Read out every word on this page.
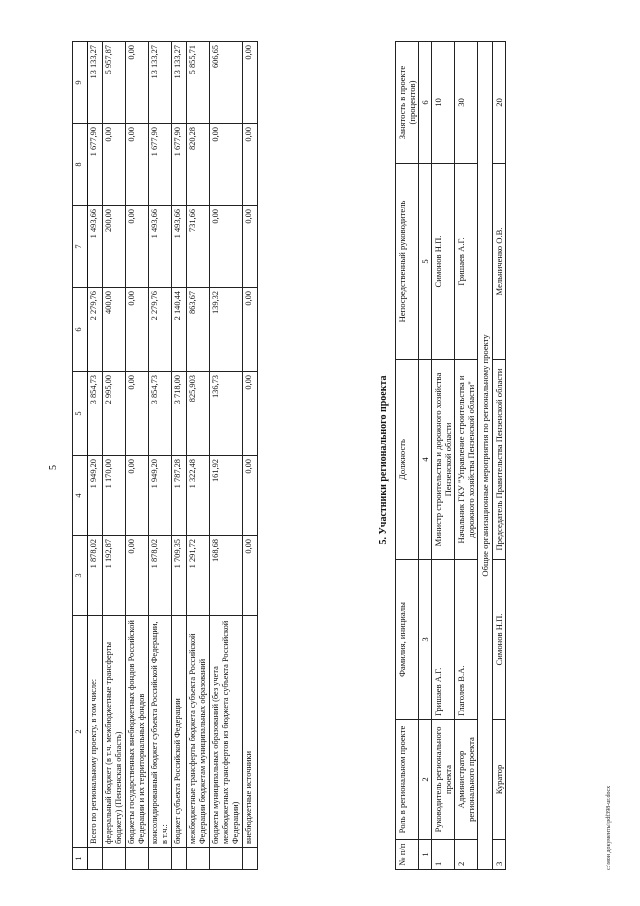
5
1	2	3	4	5	6	7	8	9
	Всего по региональному проекту, в том числе:	1 878,02	1 949,20	3 854,73	2 279,76	1 493,66	1 677,90	13 133,27
	федеральный бюджет (в т.ч. межбюджетные трансферты бюджету) (Пензенская область)	1 192,87	1 170,00	2 995,00	400,00	200,00	0,00	5 957,87
	бюджеты государственных внебюджетных фондов Российской Федерации и их территориальных фондов	0,00	0,00	0,00	0,00	0,00	0,00	0,00
	консолидированный бюджет субъекта Российской Федерации, в т.ч.:	1 878,02	1 949,20	3 854,73	2 279,76	1 493,66	1 677,90	13 133,27
	бюджет субъекта Российской Федерации	1 709,35	1 787,28	3 718,00	2 140,44	1 493,66	1 677,90	13 133,27
	межбюджетные трансферты бюджета субъекта Российской Федерации бюджетам муниципальных образований	1 291,72	1 322,48	825,903	863,67	731,66	820,28	5 855,71
	бюджеты муниципальных образований (без учета межбюджетных трансфертов из бюджета субъекта Российской Федерации)	168,68	161,92	136,73	139,32	0,00	0,00	606,65
	внебюджетные источники	0,00	0,00	0,00	0,00	0,00	0,00	0,00
5. Участники регионального проекта
№ п/п	Роль в региональном проекте	Фамилия, инициалы	Должность	Непосредственный руководитель	Занятость в проекте (процентов)
1	2	3	4	5	6
1	Руководитель регионального проекта	Гришаев А.Г.	Министр строительства и дорожного хозяйства Пензенской области	Симонов Н.П.	10
2	Администратор регионального проекта	Глаголев В.А.	Начальник ГКУ "Управление строительства и дорожного хозяйства Пензенской области"	Гришаев А.Г.	30
Общие организационные мероприятия по региональному проекту					
3	Куратор	Симонов Н.П.	Председатель Правительства Пензенской области	Мельниченко О.В.	20
c:\мои документы\pdf398-ur.docx
